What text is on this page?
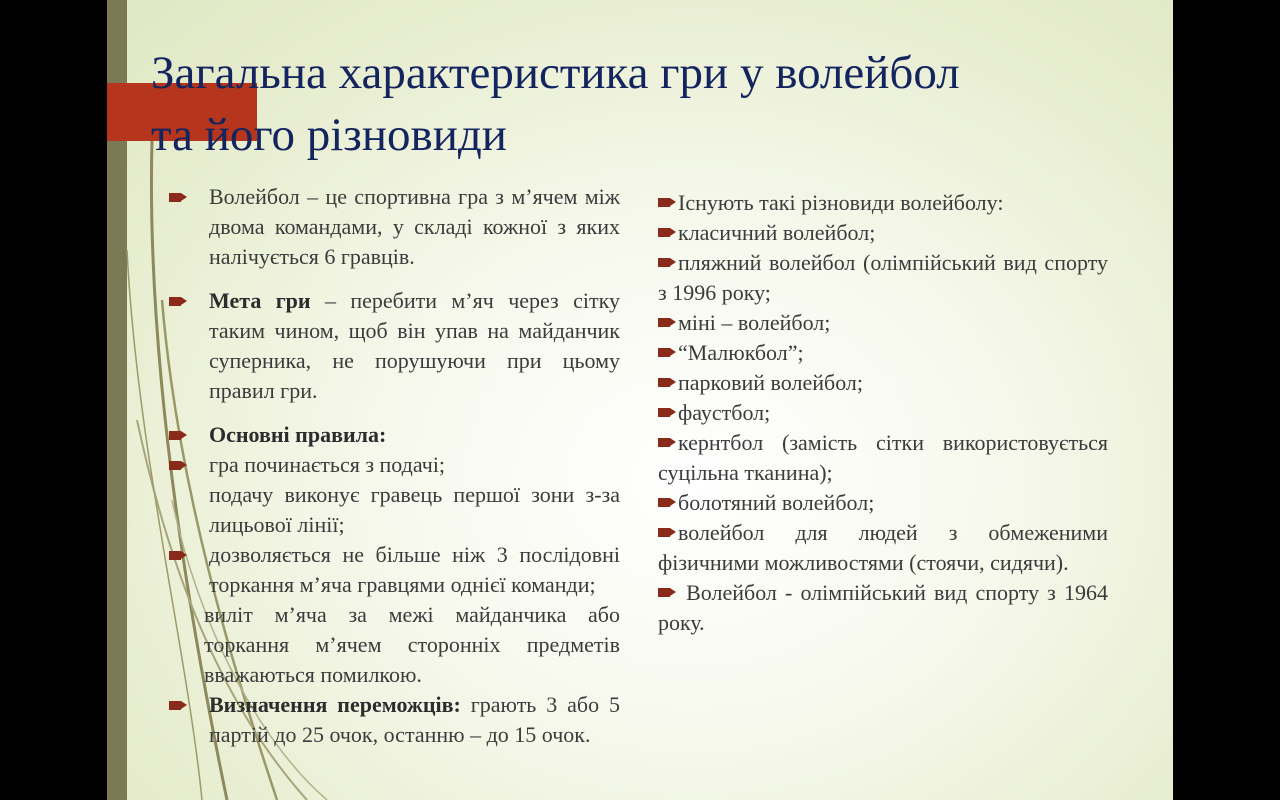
Загальна характеристика гри у волейбол
та його різновиди
Волейбол – це спортивна гра з м’ячем між двома командами, у складі кожної з яких налічується 6 гравців.
Мета гри – перебити м’яч через сітку таким чином, щоб він упав на майданчик суперника, не порушуючи при цьому правил гри.
Основні правила:
гра починається з подачі;
подачу виконує гравець першої зони з-за лицьової лінії;
дозволяється не більше ніж 3 послідовні торкання м’яча гравцями однієї команди;
виліт м’яча за межі майданчика або торкання м’ячем сторонніх предметів вважаються помилкою.
Визначення переможців: грають 3 або 5 партій до 25 очок, останню – до 15 очок.
Існують такі різновиди волейболу:
класичний волейбол;
пляжний волейбол (олімпійський вид спорту з 1996 року;
міні – волейбол;
“Малюкбол”;
парковий волейбол;
фаустбол;
кернтбол (замість сітки використовується суцільна тканина);
болотяний волейбол;
волейбол для людей з обмеженими фізичними можливостями (стоячи, сидячи).
Волейбол - олімпійський вид спорту з 1964 року.
